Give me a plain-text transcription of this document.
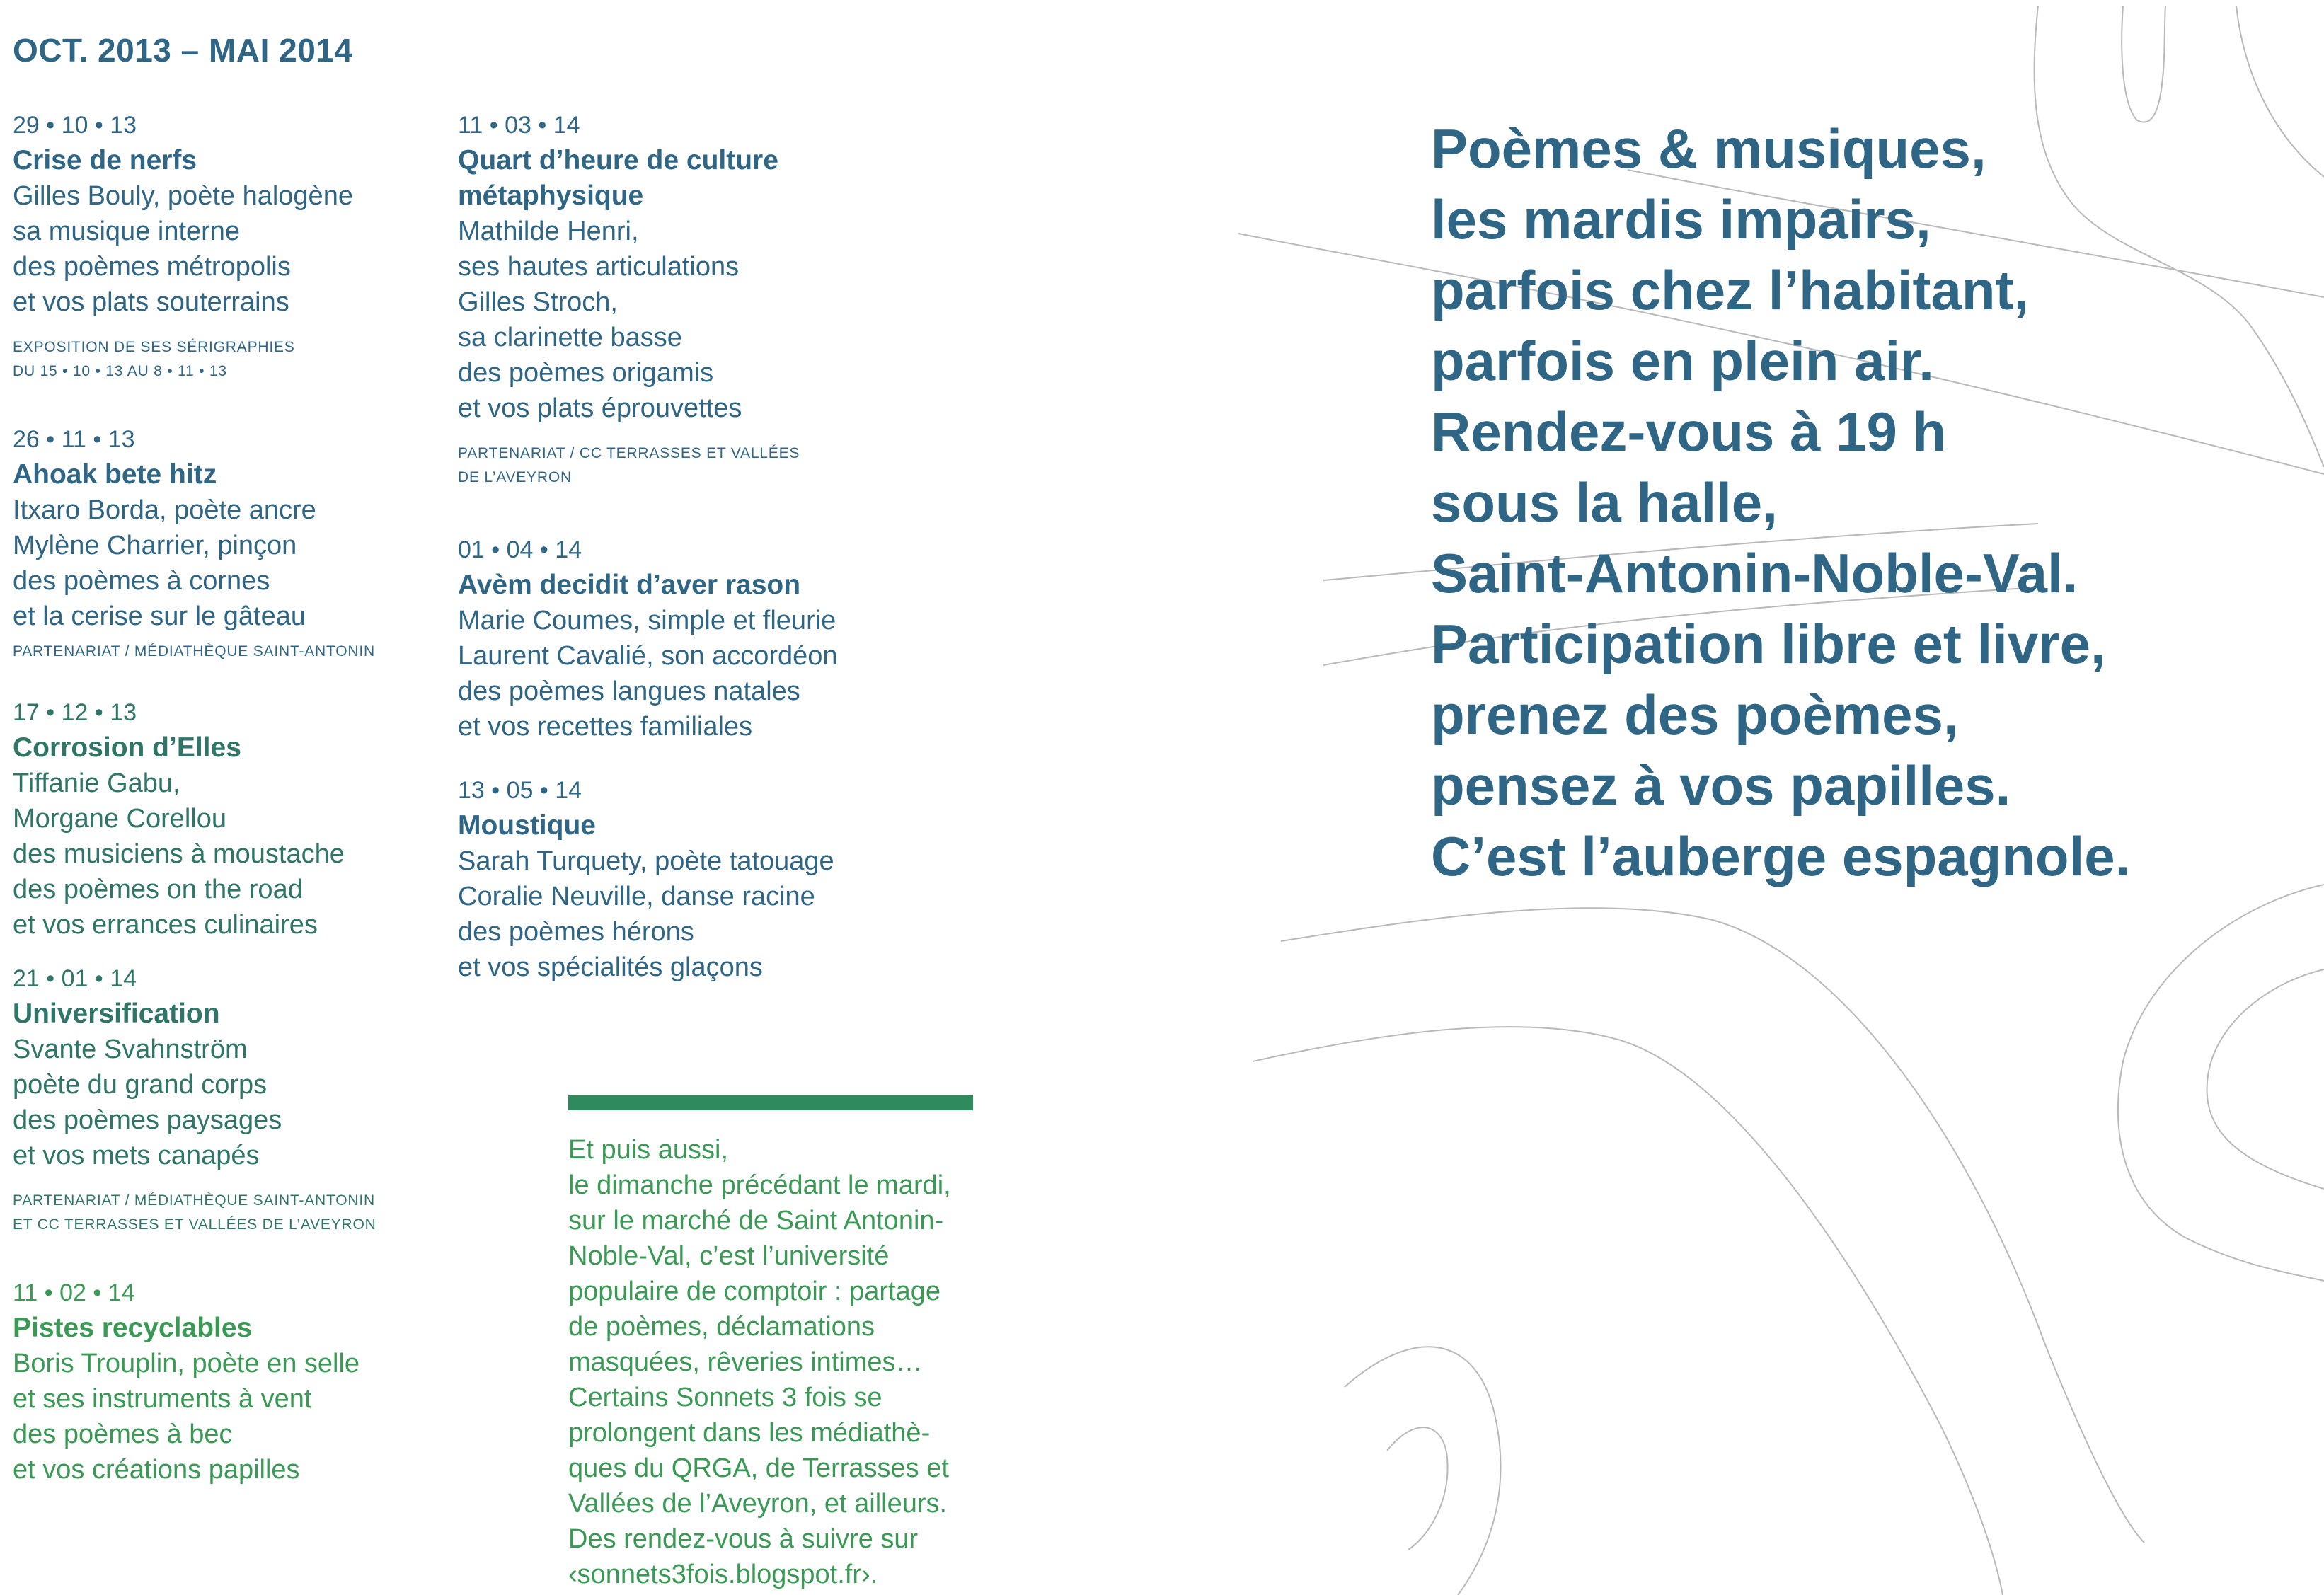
OCT. 2013 – MAI 2014
29 • 10 • 13
Crise de nerfs
Gilles Bouly, poète halogène
sa musique interne
des poèmes métropolis
et vos plats souterrains
EXPOSITION DE SES SÉRIGRAPHIES
DU 15 • 10 • 13 AU 8 • 11 • 13
26 • 11 • 13
Ahoak bete hitz
Itxaro Borda, poète ancre
Mylène Charrier, pinçon
des poèmes à cornes
et la cerise sur le gâteau
PARTENARIAT / MÉDIATHÈQUE SAINT-ANTONIN
17 • 12 • 13
Corrosion d’Elles
Tiffanie Gabu,
Morgane Corellou
des musiciens à moustache
des poèmes on the road
et vos errances culinaires
21 • 01 • 14
Universification
Svante Svahnström
poète du grand corps
des poèmes paysages
et vos mets canapés
PARTENARIAT / MÉDIATHÈQUE SAINT-ANTONIN
ET CC TERRASSES ET VALLÉES DE L’AVEYRON
11 • 02 • 14
Pistes recyclables
Boris Trouplin, poète en selle
et ses instruments à vent
des poèmes à bec
et vos créations papilles
11 • 03 • 14
Quart d’heure de culture
métaphysique
Mathilde Henri,
ses hautes articulations
Gilles Stroch,
sa clarinette basse
des poèmes origamis
et vos plats éprouvettes
PARTENARIAT / CC TERRASSES ET VALLÉES
DE L’AVEYRON
01 • 04 • 14
Avèm decidit d’aver rason
Marie Coumes, simple et fleurie
Laurent Cavalié, son accordéon
des poèmes langues natales
et vos recettes familiales
13 • 05 • 14
Moustique
Sarah Turquety, poète tatouage
Coralie Neuville, danse racine
des poèmes hérons
et vos spécialités glaçons
Et puis aussi,
le dimanche précédant le mardi,
sur le marché de Saint Antonin-
Noble-Val, c’est l’université
populaire de comptoir : partage
de poèmes, déclamations
masquées, rêveries intimes…
Certains Sonnets 3 fois se
prolongent dans les médiathè-
ques du QRGA, de Terrasses et
Vallées de l’Aveyron, et ailleurs.
Des rendez-vous à suivre sur
‹sonnets3fois.blogspot.fr›.
Poèmes & musiques,
les mardis impairs,
parfois chez l’habitant,
parfois en plein air.
Rendez-vous à 19 h
sous la halle,
Saint-Antonin-Noble-Val.
Participation libre et livre,
prenez des poèmes,
pensez à vos papilles.
C’est l’auberge espagnole.
